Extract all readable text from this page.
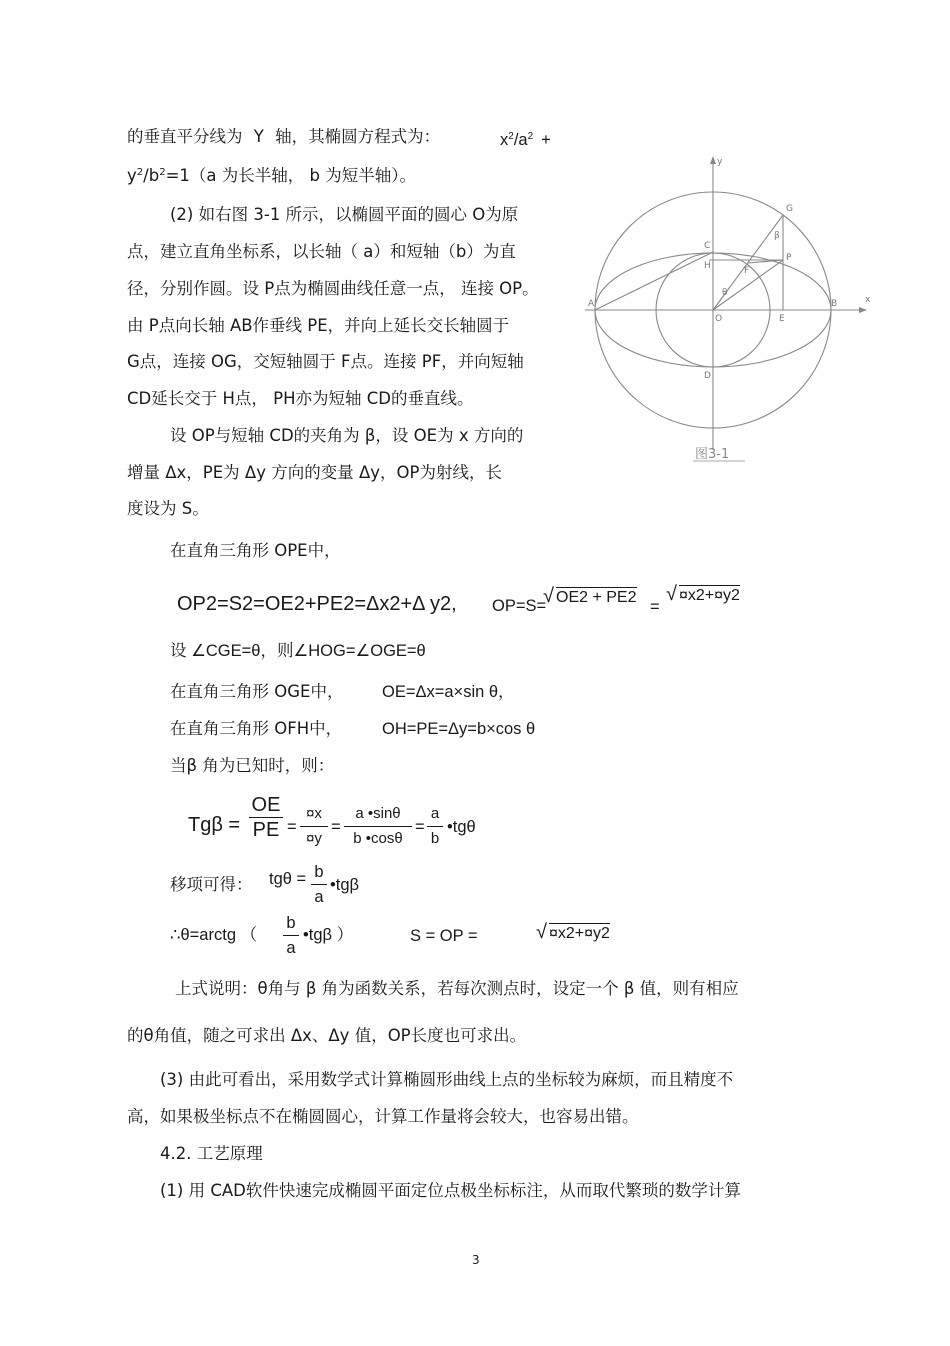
的垂直平分线为 Y 轴，其椭圆方程式为：	$x^2/a^2$ +
$y^2/b^2=1(a$ 为长半轴， b 为短半轴）。
(2) 如右图 3-1 所示，以椭圆平面的圆心 O为原
点，建立直角坐标系，以长轴（ a）和短轴（b）为直
径，分别作圆。设 P点为椭圆曲线任意一点， 连接 OP。
由 P点向长轴 AB作垂线 PE，并向上延长交长轴圆于
G点，连接 OG，交短轴圆于 F点。连接 PF，并向短轴
CD延长交于 H点， PH亦为短轴 CD的垂直线。
设 OP与短轴 CD的夹角为 β，设 OE为 x 方向的
增量 Δx，PE为 Δy 方向的变量 Δy，OP为射线，长
度设为 S。
y
x
A	B
C
D
G
H	F
P
E
O
θ
β
图3-1
在直角三角形 OPE中，
OP2=S2=OE2+PE2=Δx2+Δ y2, OP=S=
√ OE2 + PE2
=
√ ¤x2+¤y2
设 ∠CGE=θ，则∠HOG=∠OGE=θ
在直角三角形 OGE中， OE=Δx=a×sin θ，
在直角三角形 OFH中， OH=PE=Δy=b×cos θ
当β 角为已知时，则：
Tgβ =
OE
PE =
¤x
¤y
=
a •sinθ
b •cosθ
=
a
b
•tgθ
移项可得： tgθ = b
a
•tgβ
∴θ=arctg （
b
a
•tgβ ）	S = OP =	√ ¤x2+¤y2
上式说明：θ角与 β 角为函数关系，若每次测点时，设定一个 β 值，则有相应
的θ角值，随之可求出 Δx、Δy 值，OP长度也可求出。
(3) 由此可看出，采用数学式计算椭圆形曲线上点的坐标较为麻烦，而且精度不
高，如果极坐标点不在椭圆圆心，计算工作量将会较大，也容易出错。
4.2. 工艺原理
(1) 用 CAD软件快速完成椭圆平面定位点极坐标标注，从而取代繁琐的数学计算
3
